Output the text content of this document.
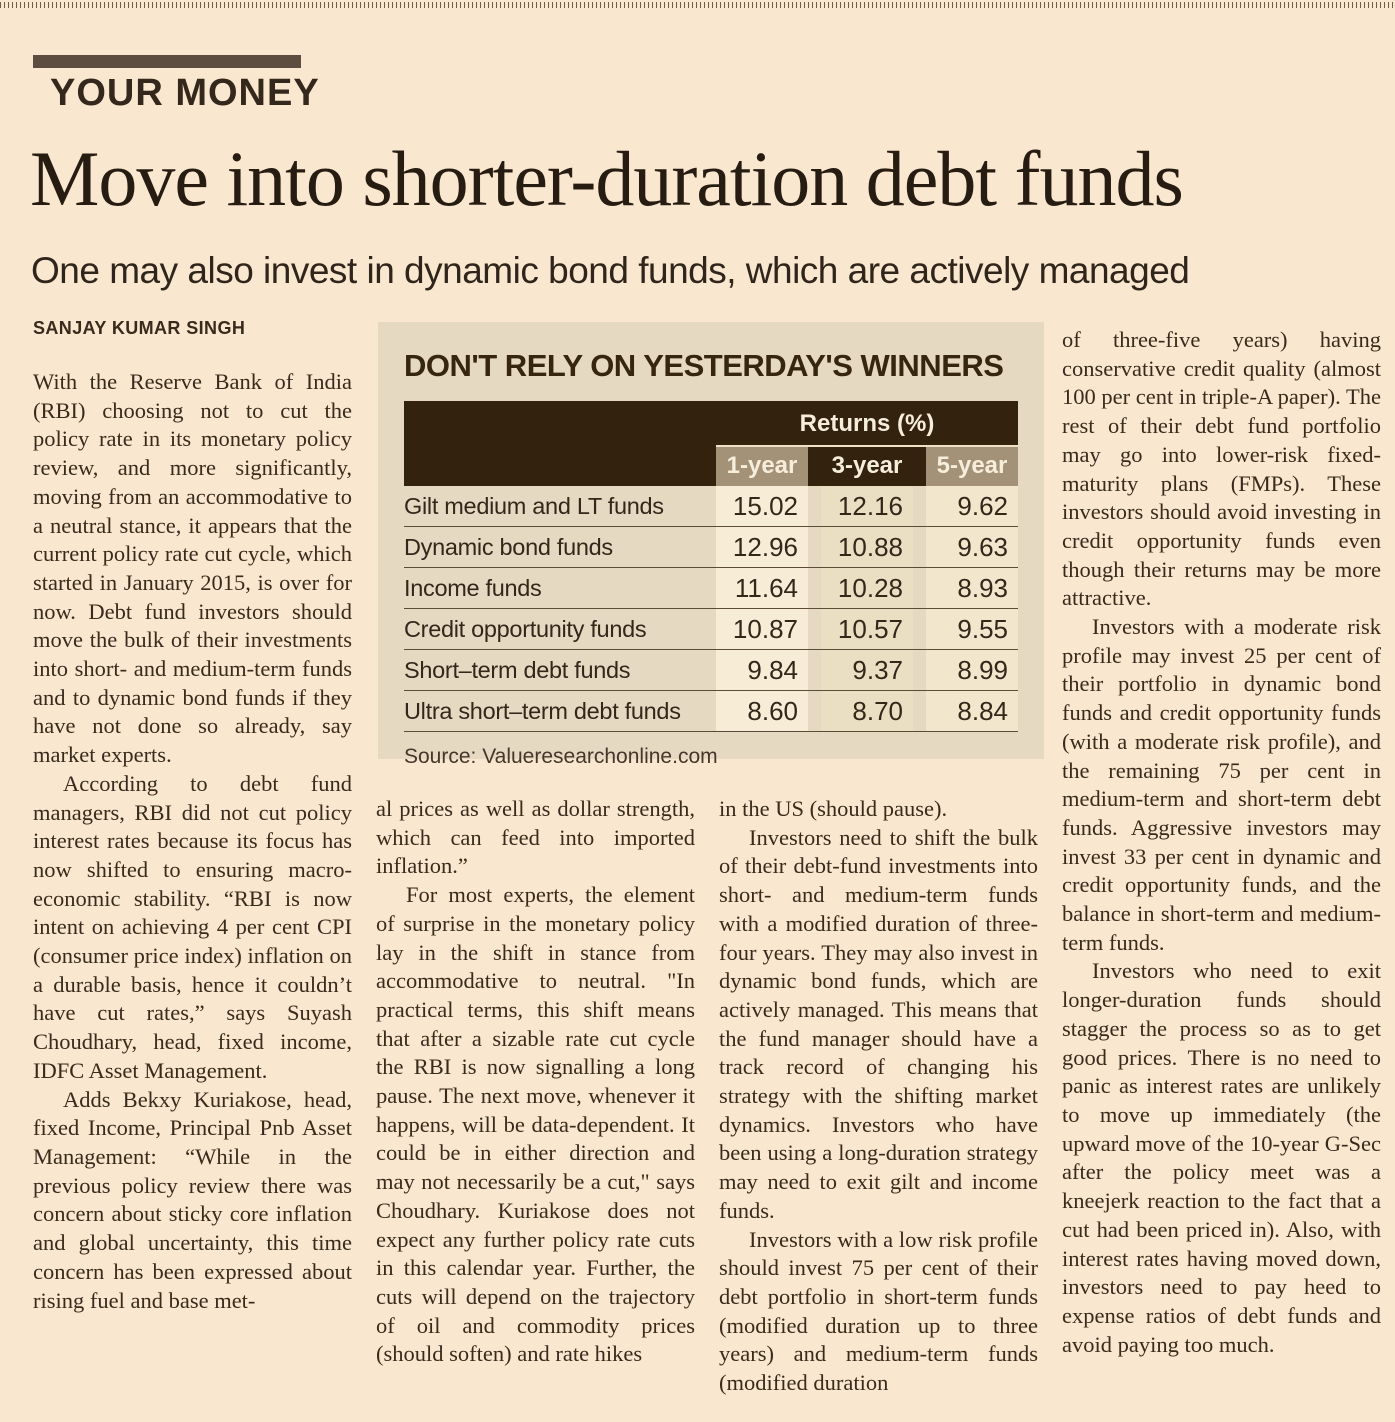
YOUR MONEY
Move into shorter-duration debt funds
One may also invest in dynamic bond funds, which are actively managed
SANJAY KUMAR SINGH

With the Reserve Bank of India (RBI) choosing not to cut the policy rate in its monetary policy review, and more significantly, moving from an accommodative to a neutral stance, it appears that the current policy rate cut cycle, which started in January 2015, is over for now. Debt fund investors should move the bulk of their investments into short- and medium-term funds and to dynamic bond funds if they have not done so already, say market experts.

According to debt fund managers, RBI did not cut policy interest rates because its focus has now shifted to ensuring macro-economic stability. “RBI is now intent on achieving 4 per cent CPI (consumer price index) inflation on a durable basis, hence it couldn’t have cut rates,” says Suyash Choudhary, head, fixed income, IDFC Asset Management.

Adds Bekxy Kuriakose, head, fixed Income, Principal Pnb Asset Management: “While in the previous policy review there was concern about sticky core inflation and global uncertainty, this time concern has been expressed about rising fuel and base met-

al prices as well as dollar strength, which can feed into imported inflation.”

For most experts, the element of surprise in the monetary policy lay in the shift in stance from accommodative to neutral. "In practical terms, this shift means that after a sizable rate cut cycle the RBI is now signalling a long pause. The next move, whenever it happens, will be data-dependent. It could be in either direction and may not necessarily be a cut," says Choudhary. Kuriakose does not expect any further policy rate cuts in this calendar year. Further, the cuts will depend on the trajectory of oil and commodity prices (should soften) and rate hikes

in the US (should pause).

Investors need to shift the bulk of their debt-fund investments into short- and medium-term funds with a modified duration of three-four years. They may also invest in dynamic bond funds, which are actively managed. This means that the fund manager should have a track record of changing his strategy with the shifting market dynamics. Investors who have been using a long-duration strategy may need to exit gilt and income funds.

Investors with a low risk profile should invest 75 per cent of their debt portfolio in short-term funds (modified duration up to three years) and medium-term funds (modified duration

of three-five years) having conservative credit quality (almost 100 per cent in triple-A paper). The rest of their debt fund portfolio may go into lower-risk fixed-maturity plans (FMPs). These investors should avoid investing in credit opportunity funds even though their returns may be more attractive.

Investors with a moderate risk profile may invest 25 per cent of their portfolio in dynamic bond funds and credit opportunity funds (with a moderate risk profile), and the remaining 75 per cent in medium-term and short-term debt funds. Aggressive investors may invest 33 per cent in dynamic and credit opportunity funds, and the balance in short-term and medium-term funds.

Investors who need to exit longer-duration funds should stagger the process so as to get good prices. There is no need to panic as interest rates are unlikely to move up immediately (the upward move of the 10-year G-Sec after the policy meet was a kneejerk reaction to the fact that a cut had been priced in). Also, with interest rates having moved down, investors need to pay heed to expense ratios of debt funds and avoid paying too much.

DON'T RELY ON YESTERDAY'S WINNERS
Returns (%)
1-year	3-year	5-year
Gilt medium and LT funds	15.02	12.16	9.62
Dynamic bond funds	12.96	10.88	9.63
Income funds	11.64	10.28	8.93
Credit opportunity funds	10.87	10.57	9.55
Short–term debt funds	9.84	9.37	8.99
Ultra short–term debt funds	8.60	8.70	8.84
Source: Valueresearchonline.com
